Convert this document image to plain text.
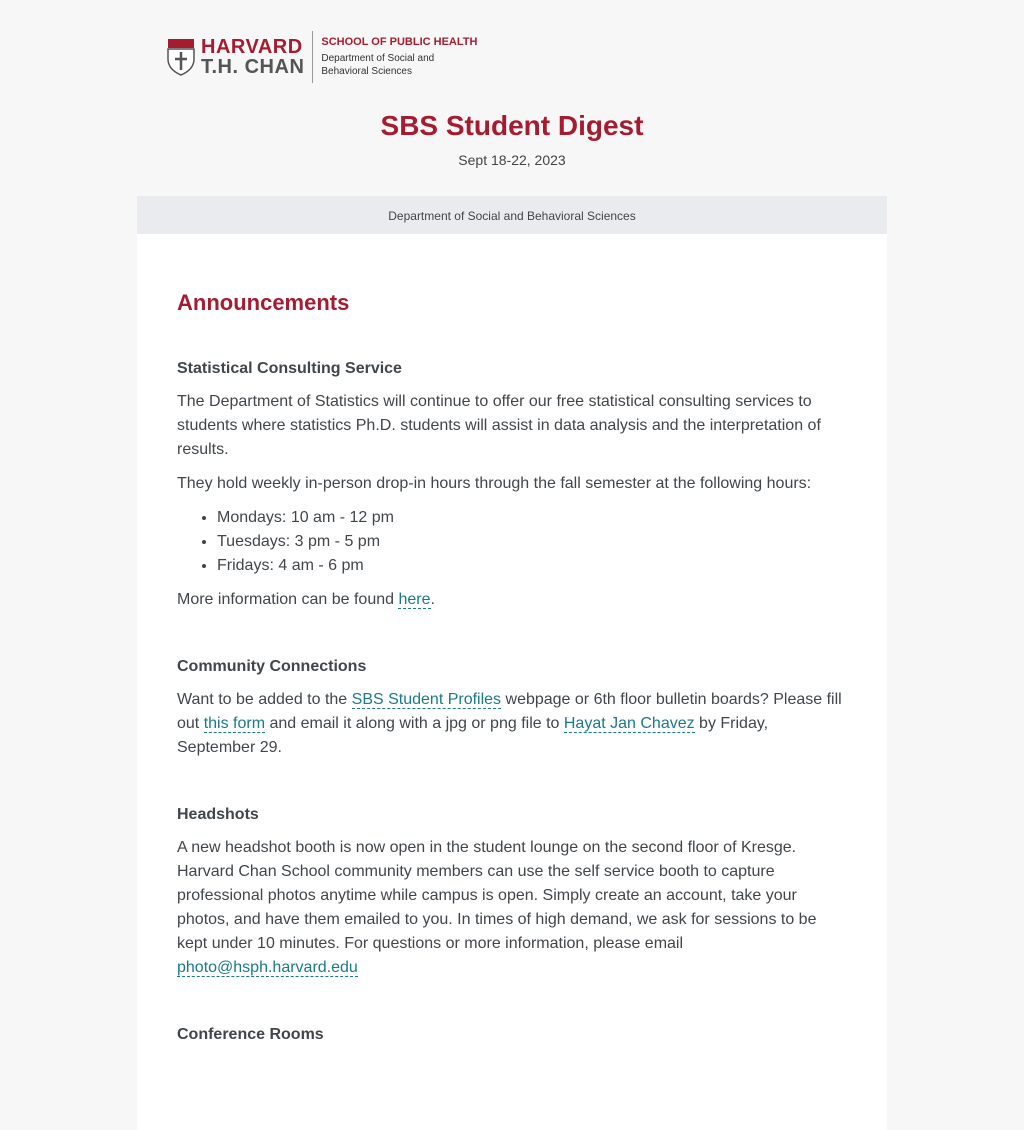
HARVARD
T.H. CHAN
SCHOOL OF PUBLIC HEALTH
Department of Social and
Behavioral Sciences
SBS Student Digest
Sept 18-22, 2023
Department of Social and Behavioral Sciences
Announcements
Statistical Consulting Service

The Department of Statistics will continue to offer our free statistical consulting services to students where statistics Ph.D. students will assist in data analysis and the interpretation of results.

They hold weekly in-person drop-in hours through the fall semester at the following hours:

• Mondays: 10 am - 12 pm
• Tuesdays: 3 pm - 5 pm
• Fridays: 4 am - 6 pm

More information can be found here.

Community Connections

Want to be added to the SBS Student Profiles webpage or 6th floor bulletin boards? Please fill out this form and email it along with a jpg or png file to Hayat Jan Chavez by Friday, September 29.

Headshots

A new headshot booth is now open in the student lounge on the second floor of Kresge. Harvard Chan School community members can use the self service booth to capture professional photos anytime while campus is open. Simply create an account, take your photos, and have them emailed to you. In times of high demand, we ask for sessions to be kept under 10 minutes. For questions or more information, please email photo@hsph.harvard.edu

Conference Rooms
